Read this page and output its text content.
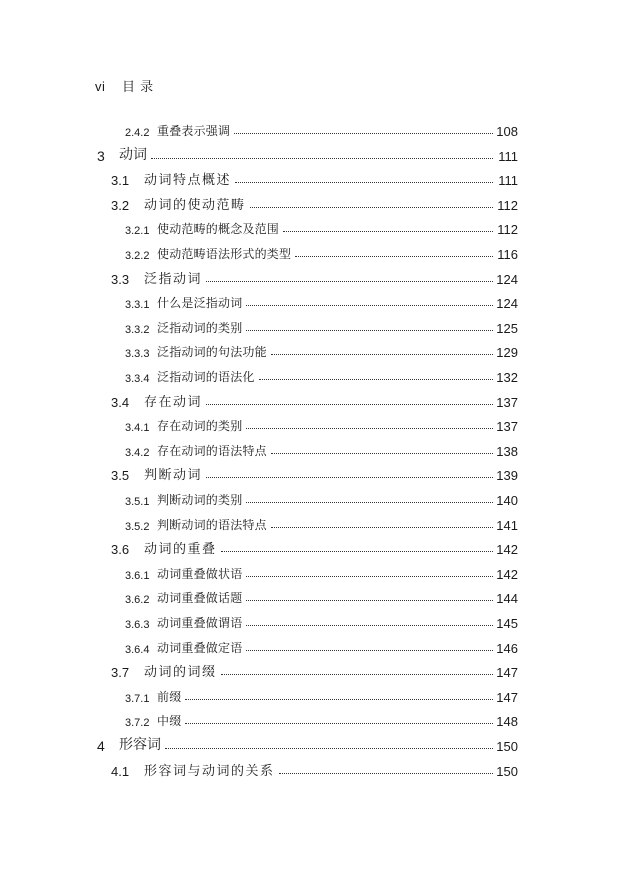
vi 目 录
2.4.2 重叠表示强调	108
3	动词	111
3.1	动词特点概述	111
3.2	动词的使动范畴	112
3.2.1 使动范畴的概念及范围	112
3.2.2 使动范畴语法形式的类型	116
3.3	泛指动词	124
3.3.1 什么是泛指动词	124
3.3.2 泛指动词的类别	125
3.3.3 泛指动词的句法功能	129
3.3.4 泛指动词的语法化	132
3.4	存在动词	137
3.4.1 存在动词的类别	137
3.4.2 存在动词的语法特点	138
3.5	判断动词	139
3.5.1 判断动词的类别	140
3.5.2 判断动词的语法特点	141
3.6	动词的重叠	142
3.6.1 动词重叠做状语	142
3.6.2 动词重叠做话题	144
3.6.3 动词重叠做谓语	145
3.6.4 动词重叠做定语	146
3.7	动词的词缀	147
3.7.1 前缀	147
3.7.2 中缀	148
4	形容词	150
4.1	形容词与动词的关系	150
